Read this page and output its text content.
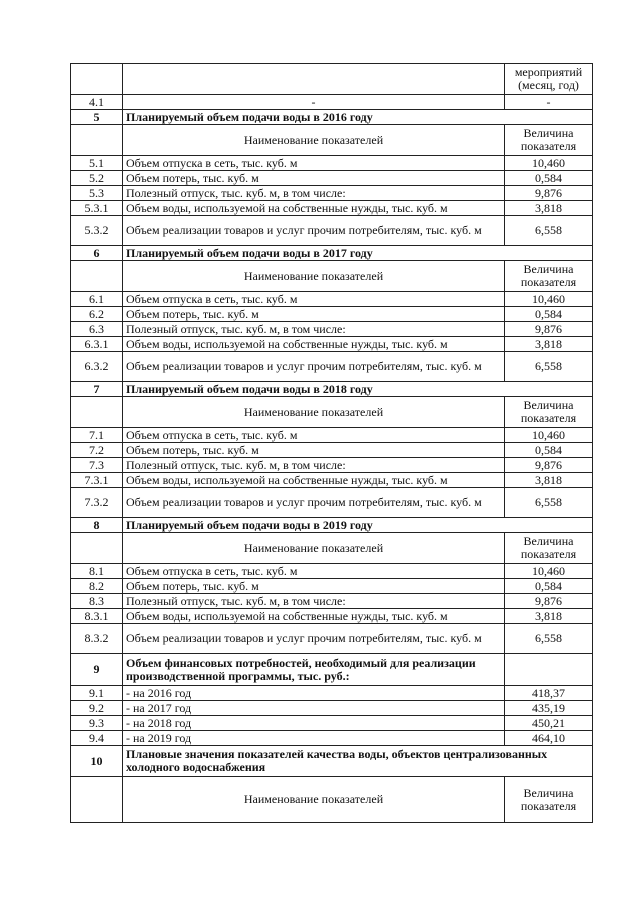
		мероприятий (месяц, год)
4.1	-	-
5	Планируемый объем подачи воды в 2016 году	
	Наименование показателей	Величина показателя
5.1	Объем отпуска в сеть, тыс. куб. м	10,460
5.2	Объем потерь, тыс. куб. м	0,584
5.3	Полезный отпуск, тыс. куб. м, в том числе:	9,876
5.3.1	Объем воды, используемой на собственные нужды, тыс. куб. м	3,818
5.3.2	Объем реализации товаров и услуг прочим потребителям, тыс. куб. м	6,558
6	Планируемый объем подачи воды в 2017 году	
	Наименование показателей	Величина показателя
6.1	Объем отпуска в сеть, тыс. куб. м	10,460
6.2	Объем потерь, тыс. куб. м	0,584
6.3	Полезный отпуск, тыс. куб. м, в том числе:	9,876
6.3.1	Объем воды, используемой на собственные нужды, тыс. куб. м	3,818
6.3.2	Объем реализации товаров и услуг прочим потребителям, тыс. куб. м	6,558
7	Планируемый объем подачи воды в 2018 году	
	Наименование показателей	Величина показателя
7.1	Объем отпуска в сеть, тыс. куб. м	10,460
7.2	Объем потерь, тыс. куб. м	0,584
7.3	Полезный отпуск, тыс. куб. м, в том числе:	9,876
7.3.1	Объем воды, используемой на собственные нужды, тыс. куб. м	3,818
7.3.2	Объем реализации товаров и услуг прочим потребителям, тыс. куб. м	6,558
8	Планируемый объем подачи воды в 2019 году	
	Наименование показателей	Величина показателя
8.1	Объем отпуска в сеть, тыс. куб. м	10,460
8.2	Объем потерь, тыс. куб. м	0,584
8.3	Полезный отпуск, тыс. куб. м, в том числе:	9,876
8.3.1	Объем воды, используемой на собственные нужды, тыс. куб. м	3,818
8.3.2	Объем реализации товаров и услуг прочим потребителям, тыс. куб. м	6,558
9	Объем финансовых потребностей, необходимый для реализации производственной программы, тыс. руб.:	
9.1	- на 2016 год	418,37
9.2	- на 2017 год	435,19
9.3	- на 2018 год	450,21
9.4	- на 2019 год	464,10
10	Плановые значения показателей качества воды, объектов централизованных холодного водоснабжения	
	Наименование показателей	Величина показателя
